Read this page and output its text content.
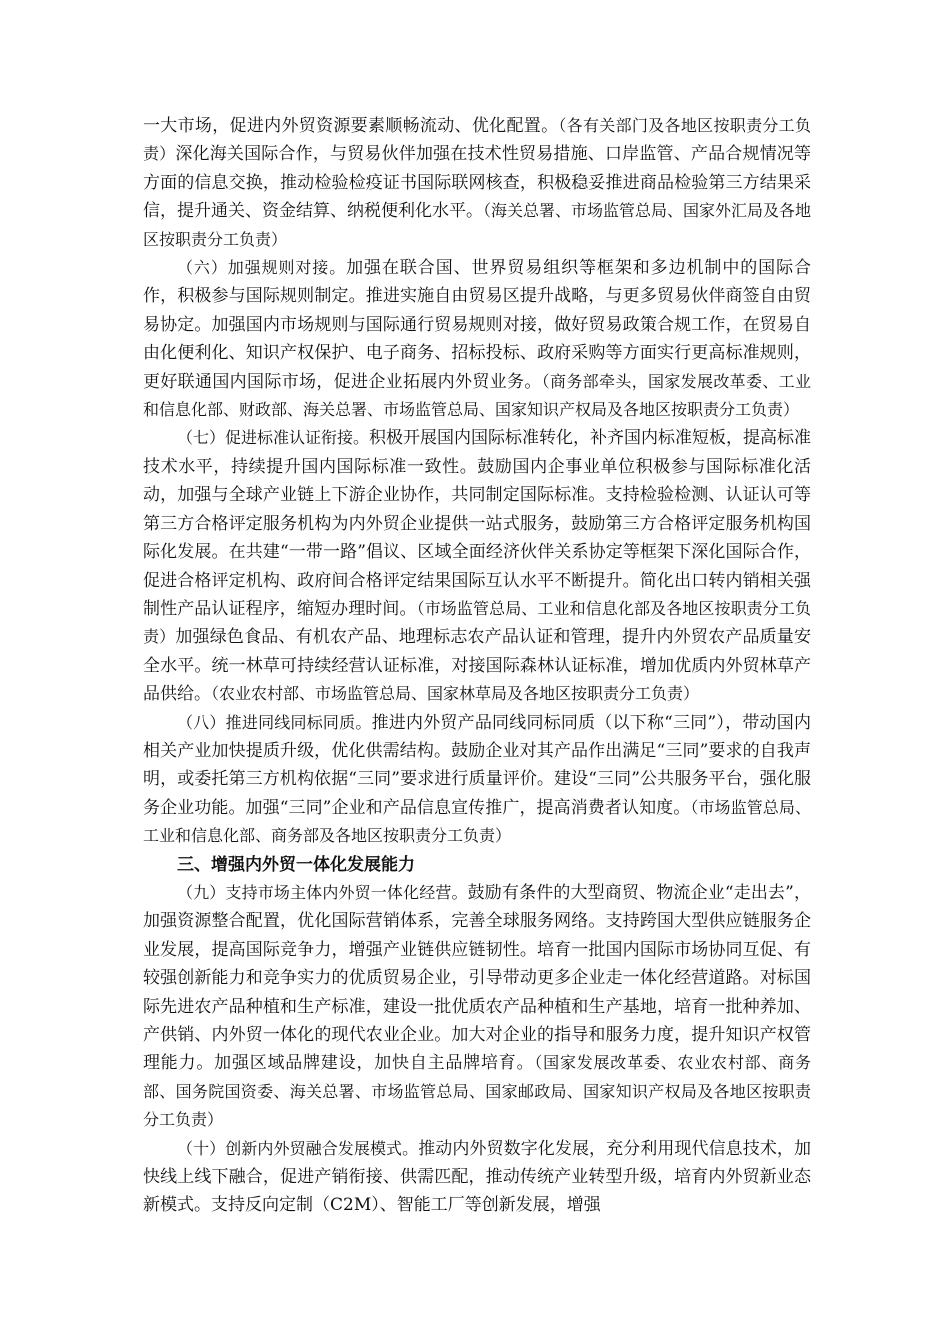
一大市场，促进内外贸资源要素顺畅流动、优化配置。（各有关部门及各地区按职责分工负责）深化海关国际合作，与贸易伙伴加强在技术性贸易措施、口岸监管、产品合规情况等方面的信息交换，推动检验检疫证书国际联网核查，积极稳妥推进商品检验第三方结果采信，提升通关、资金结算、纳税便利化水平。（海关总署、市场监管总局、国家外汇局及各地区按职责分工负责）

（六）加强规则对接。加强在联合国、世界贸易组织等框架和多边机制中的国际合作，积极参与国际规则制定。推进实施自由贸易区提升战略，与更多贸易伙伴商签自由贸易协定。加强国内市场规则与国际通行贸易规则对接，做好贸易政策合规工作，在贸易自由化便利化、知识产权保护、电子商务、招标投标、政府采购等方面实行更高标准规则，更好联通国内国际市场，促进企业拓展内外贸业务。（商务部牵头，国家发展改革委、工业和信息化部、财政部、海关总署、市场监管总局、国家知识产权局及各地区按职责分工负责）

（七）促进标准认证衔接。积极开展国内国际标准转化，补齐国内标准短板，提高标准技术水平，持续提升国内国际标准一致性。鼓励国内企事业单位积极参与国际标准化活动，加强与全球产业链上下游企业协作，共同制定国际标准。支持检验检测、认证认可等第三方合格评定服务机构为内外贸企业提供一站式服务，鼓励第三方合格评定服务机构国际化发展。在共建“一带一路”倡议、区域全面经济伙伴关系协定等框架下深化国际合作，促进合格评定机构、政府间合格评定结果国际互认水平不断提升。简化出口转内销相关强制性产品认证程序，缩短办理时间。（市场监管总局、工业和信息化部及各地区按职责分工负责）加强绿色食品、有机农产品、地理标志农产品认证和管理，提升内外贸农产品质量安全水平。统一林草可持续经营认证标准，对接国际森林认证标准，增加优质内外贸林草产品供给。（农业农村部、市场监管总局、国家林草局及各地区按职责分工负责）

（八）推进同线同标同质。推进内外贸产品同线同标同质（以下称“三同”），带动国内相关产业加快提质升级，优化供需结构。鼓励企业对其产品作出满足“三同”要求的自我声明，或委托第三方机构依据“三同”要求进行质量评价。建设“三同”公共服务平台，强化服务企业功能。加强“三同”企业和产品信息宣传推广，提高消费者认知度。（市场监管总局、工业和信息化部、商务部及各地区按职责分工负责）

三、增强内外贸一体化发展能力

（九）支持市场主体内外贸一体化经营。鼓励有条件的大型商贸、物流企业“走出去”，加强资源整合配置，优化国际营销体系，完善全球服务网络。支持跨国大型供应链服务企业发展，提高国际竞争力，增强产业链供应链韧性。培育一批国内国际市场协同互促、有较强创新能力和竞争实力的优质贸易企业，引导带动更多企业走一体化经营道路。对标国际先进农产品种植和生产标准，建设一批优质农产品种植和生产基地，培育一批种养加、产供销、内外贸一体化的现代农业企业。加大对企业的指导和服务力度，提升知识产权管理能力。加强区域品牌建设，加快自主品牌培育。（国家发展改革委、农业农村部、商务部、国务院国资委、海关总署、市场监管总局、国家邮政局、国家知识产权局及各地区按职责分工负责）

（十）创新内外贸融合发展模式。推动内外贸数字化发展，充分利用现代信息技术，加快线上线下融合，促进产销衔接、供需匹配，推动传统产业转型升级，培育内外贸新业态新模式。支持反向定制（C2M）、智能工厂等创新发展，增强
